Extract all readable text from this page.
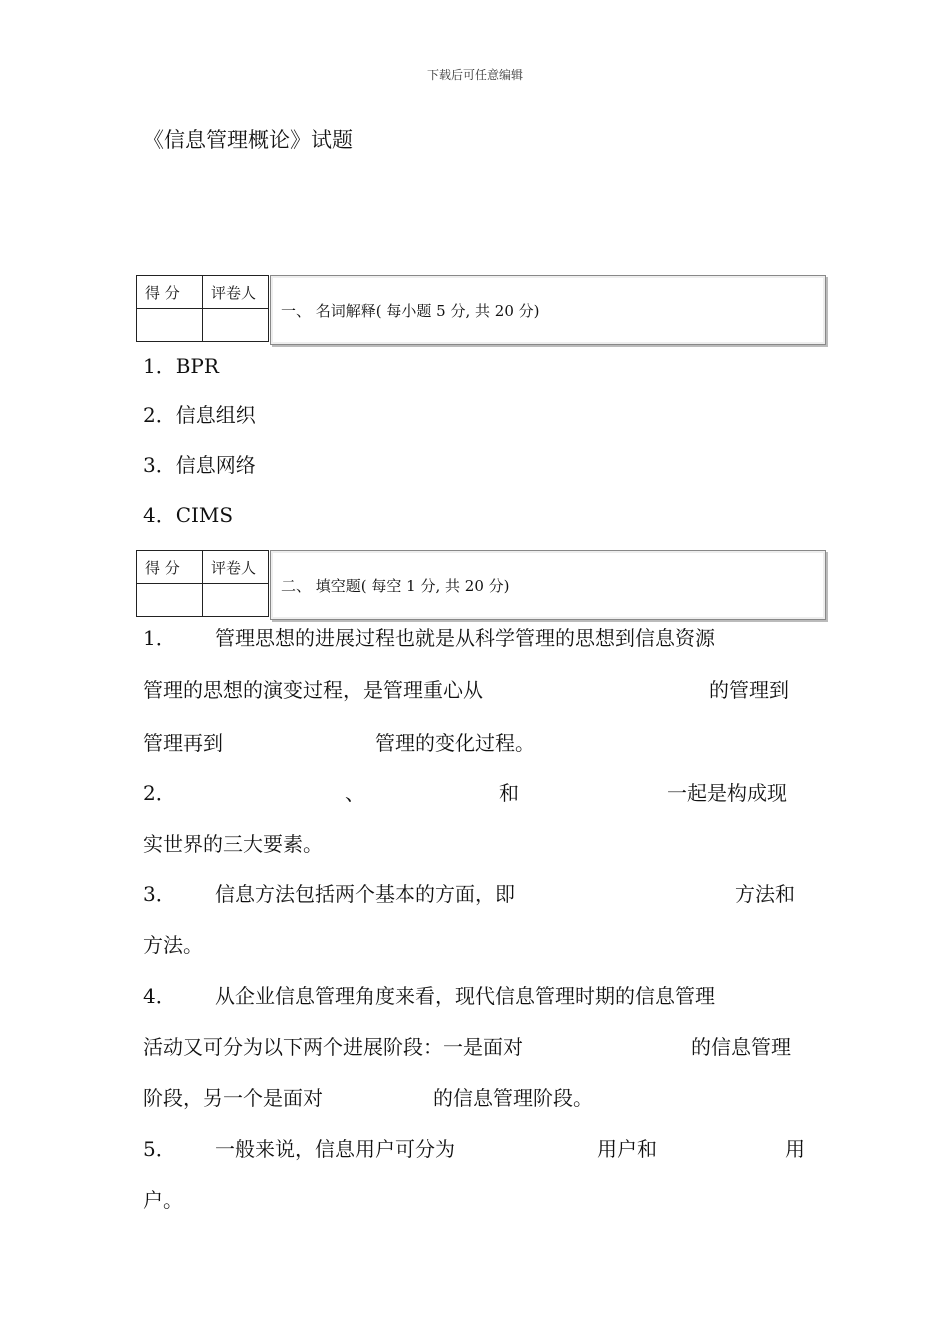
下载后可任意编辑
《信息管理概论》试题
得 分	评卷人

一、 名词解释( 每小题 5 分, 共 20 分)
1．BPR
2．信息组织
3．信息网络
4．CIMS
得 分	评卷人

二、 填空题( 每空 1 分, 共 20 分)
1． 管理思想的进展过程也就是从科学管理的思想到信息资源
管理的思想的演变过程，是管理重心从	的管理到
管理再到	管理的变化过程。
2．	、	和	一起是构成现
实世界的三大要素。
3． 信息方法包括两个基本的方面，即	方法和
方法。
4． 从企业信息管理角度来看，现代信息管理时期的信息管理
活动又可分为以下两个进展阶段：一是面对	的信息管理
阶段，另一个是面对	的信息管理阶段。
5． 一般来说，信息用户可分为	用户和	用
户。
